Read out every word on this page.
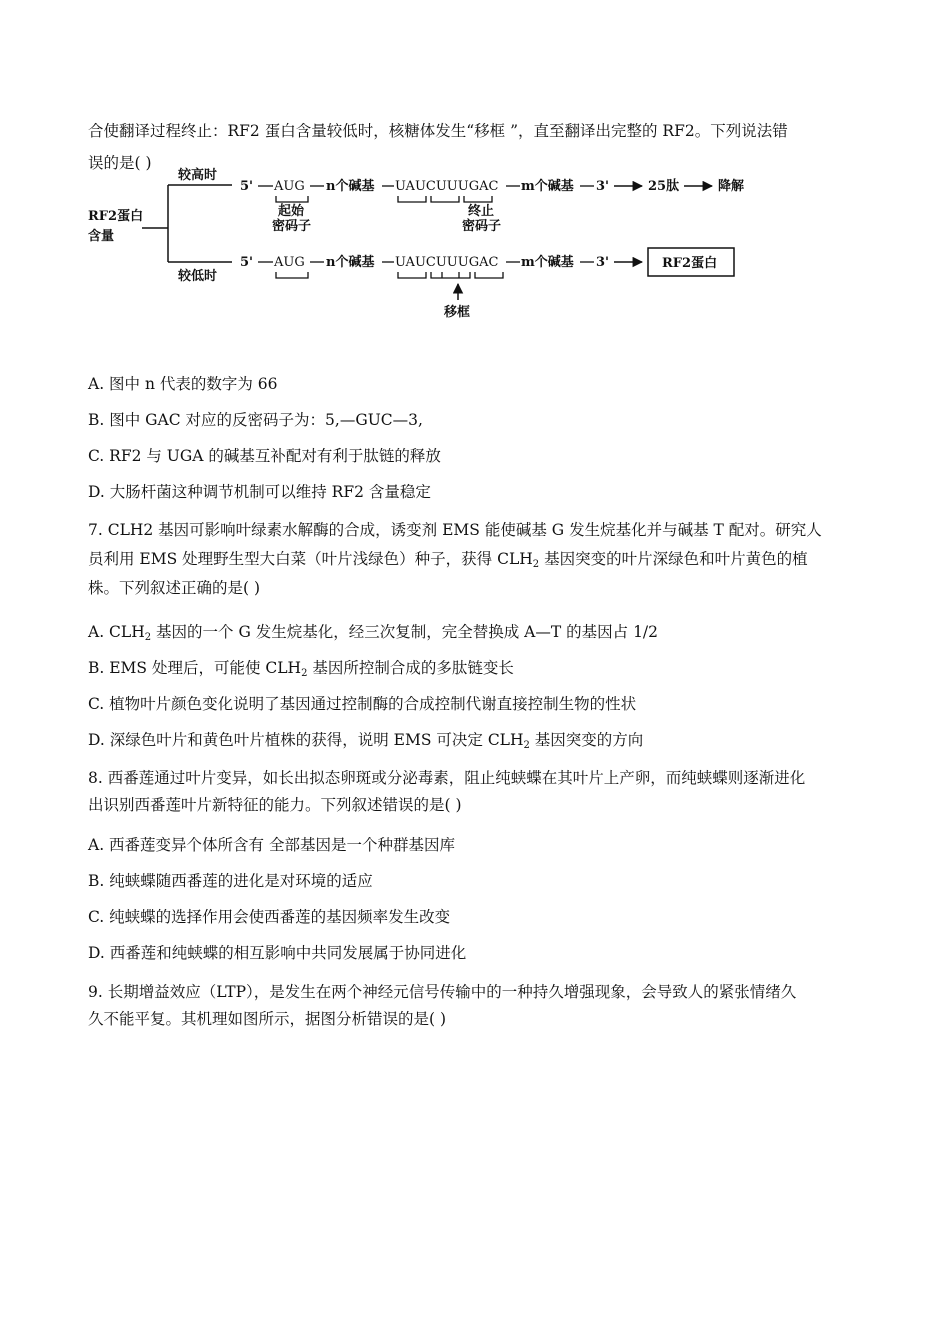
合使翻译过程终止：RF2 蛋白含量较低时，核糖体发生“移框 ”，直至翻译出完整的 RF2。下列说法错
误的是( )
RF2蛋白
含量
较高时
较低时
5' AUG
起始
密码子
n个碱基 UAUCUUUGAC
终止
密码子
m个碱基 3'	25肽	降解
5' AUG n个碱基 UAUCUUUGAC
移框
m个碱基 3'	RF2蛋白
A. 图中 n 代表的数字为 66
B. 图中 GAC 对应的反密码子为：5,—GUC—3,
C. RF2 与 UGA 的碱基互补配对有利于肽链的释放
D. 大肠杆菌这种调节机制可以维持 RF2 含量稳定
7. CLH2 基因可影响叶绿素水解酶的合成，诱变剂 EMS 能使碱基 G 发生烷基化并与碱基 T 配对。研究人
员利用 EMS 处理野生型大白菜（叶片浅绿色）种子，获得 $CLH_2$ 基因突变的叶片深绿色和叶片黄色的植
株。下列叙述正确的是( )
A. $CLH_2$ 基因的一个 G 发生烷基化，经三次复制，完全替换成 A—T 的基因占 1/2
B. EMS 处理后，可能使 $CLH_2$ 基因所控制合成的多肽链变长
C. 植物叶片颜色变化说明了基因通过控制酶的合成控制代谢直接控制生物的性状
D. 深绿色叶片和黄色叶片植株的获得，说明 EMS 可决定 $CLH_2$ 基因突变的方向
8. 西番莲通过叶片变异，如长出拟态卵斑或分泌毒素，阻止纯蛱蝶在其叶片上产卵，而纯蛱蝶则逐渐进化
出识别西番莲叶片新特征的能力。下列叙述错误的是( )
A. 西番莲变异个体所含有 全部基因是一个种群基因库
B. 纯蛱蝶随西番莲的进化是对环境的适应
C. 纯蛱蝶的选择作用会使西番莲的基因频率发生改变
D. 西番莲和纯蛱蝶的相互影响中共同发展属于协同进化
9. 长期增益效应（LTP），是发生在两个神经元信号传输中的一种持久增强现象，会导致人的紧张情绪久
久不能平复。其机理如图所示，据图分析错误的是( )
